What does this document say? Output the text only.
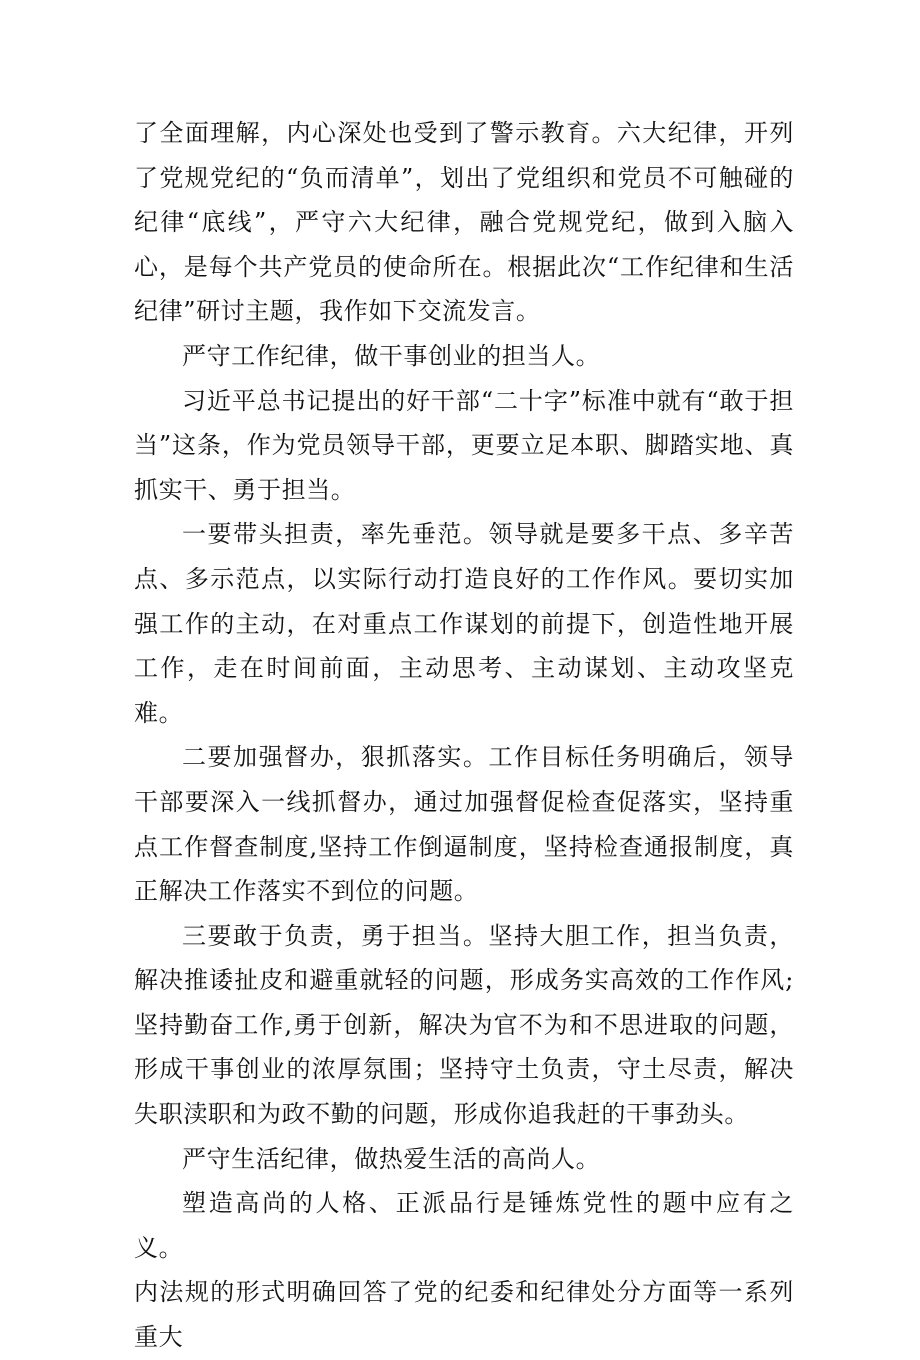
了全面理解，内心深处也受到了警示教育。六大纪律，开列了党规党纪的“负而清单”，划出了党组织和党员不可触碰的纪律“底线”，严守六大纪律，融合党规党纪，做到入脑入心，是每个共产党员的使命所在。根据此次“工作纪律和生活纪律”研讨主题，我作如下交流发言。

严守工作纪律，做干事创业的担当人。

习近平总书记提出的好干部“二十字”标准中就有“敢于担当”这条，作为党员领导干部，更要立足本职、脚踏实地、真抓实干、勇于担当。

一要带头担责，率先垂范。领导就是要多干点、多辛苦点、多示范点，以实际行动打造良好的工作作风。要切实加强工作的主动，在对重点工作谋划的前提下，创造性地开展工作，走在时间前面，主动思考、主动谋划、主动攻坚克难。

二要加强督办，狠抓落实。工作目标任务明确后，领导干部要深入一线抓督办，通过加强督促检查促落实，坚持重点工作督查制度,坚持工作倒逼制度，坚持检查通报制度，真正解决工作落实不到位的问题。

三要敢于负责，勇于担当。坚持大胆工作，担当负责，解决推诿扯皮和避重就轻的问题，形成务实高效的工作作风;坚持勤奋工作,勇于创新，解决为官不为和不思进取的问题，形成干事创业的浓厚氛围；坚持守土负责，守土尽责，解决失职渎职和为政不勤的问题，形成你追我赶的干事劲头。

严守生活纪律，做热爱生活的高尚人。

塑造高尚的人格、正派品行是锤炼党性的题中应有之义。

内法规的形式明确回答了党的纪委和纪律处分方面等一系列重大
